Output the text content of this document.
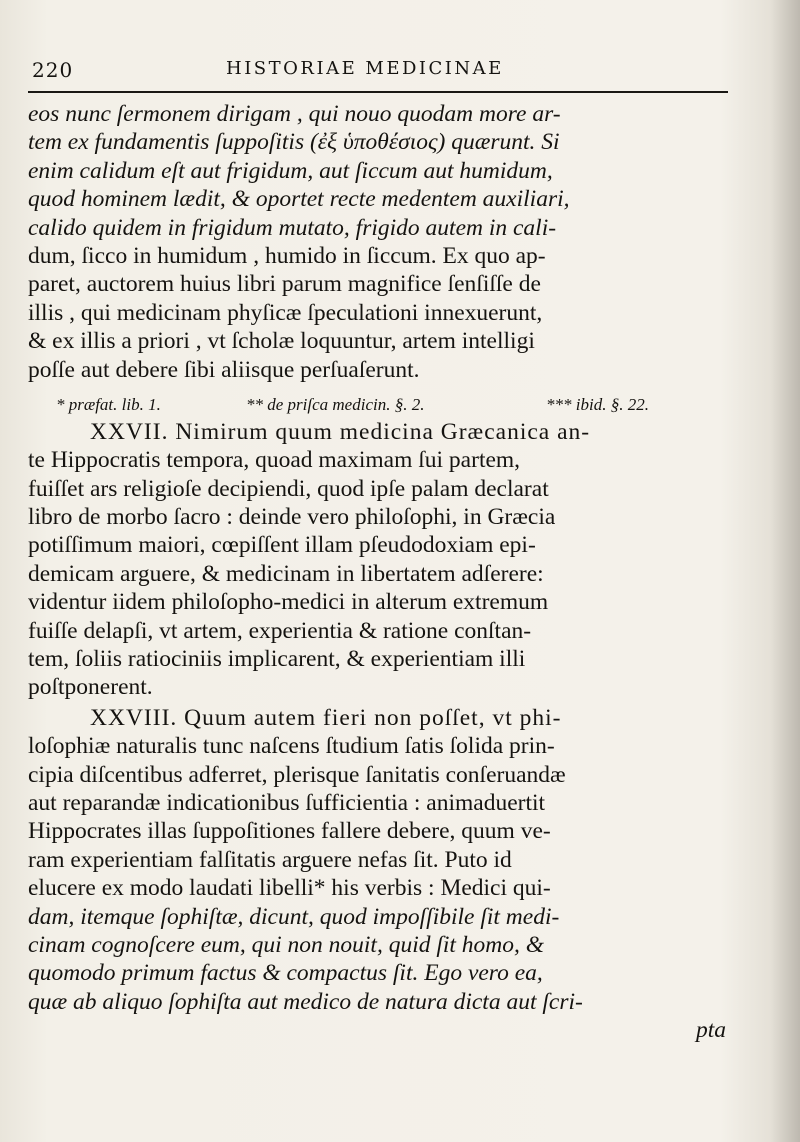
220	HISTORIAE MEDICINAE
eos nunc ſermonem dirigam , qui nouo quodam more ar-
tem ex fundamentis ſuppoſitis (ἐξ ὑποθέσιος) quærunt. Si
enim calidum eſt aut frigidum, aut ſiccum aut humidum,
quod hominem lædit, & oportet recte medentem auxiliari,
calido quidem in frigidum mutato, frigido autem in cali-
dum, ſicco in humidum , humido in ſiccum. Ex quo ap-
paret, auctorem huius libri parum magnifice ſenſiſſe de
illis , qui medicinam phyſicæ ſpeculationi innexuerunt,
& ex illis a priori , vt ſcholæ loquuntur, artem intelligi
poſſe aut debere ſibi aliisque perſuaſerunt.
* præfat. lib. 1.	** de priſca medicin. §. 2.	*** ibid. §. 22.
XXVII. Nimirum quum medicina Græcanica an-
te Hippocratis tempora, quoad maximam ſui partem,
fuiſſet ars religioſe decipiendi, quod ipſe palam declarat
libro de morbo ſacro : deinde vero philoſophi, in Græcia
potiſſimum maiori, cœpiſſent illam pſeudodoxiam epi-
demicam arguere, & medicinam in libertatem adſerere:
videntur iidem philoſopho-medici in alterum extremum
fuiſſe delapſi, vt artem, experientia & ratione conſtan-
tem, ſoliis ratiociniis implicarent, & experientiam illi
poſtponerent.
XXVIII. Quum autem fieri non poſſet, vt phi-
loſophiæ naturalis tunc naſcens ſtudium ſatis ſolida prin-
cipia diſcentibus adferret, plerisque ſanitatis conſeruandæ
aut reparandæ indicationibus ſufficientia : animaduertit
Hippocrates illas ſuppoſitiones fallere debere, quum ve-
ram experientiam falſitatis arguere nefas ſit. Puto id
elucere ex modo laudati libelli* his verbis : Medici qui-
dam, itemque ſophiſtæ, dicunt, quod impoſſibile ſit medi-
cinam cognoſcere eum, qui non nouit, quid ſit homo, &
quomodo primum factus & compactus ſit. Ego vero ea,
quæ ab aliquo ſophiſta aut medico de natura dicta aut ſcri-
pta
